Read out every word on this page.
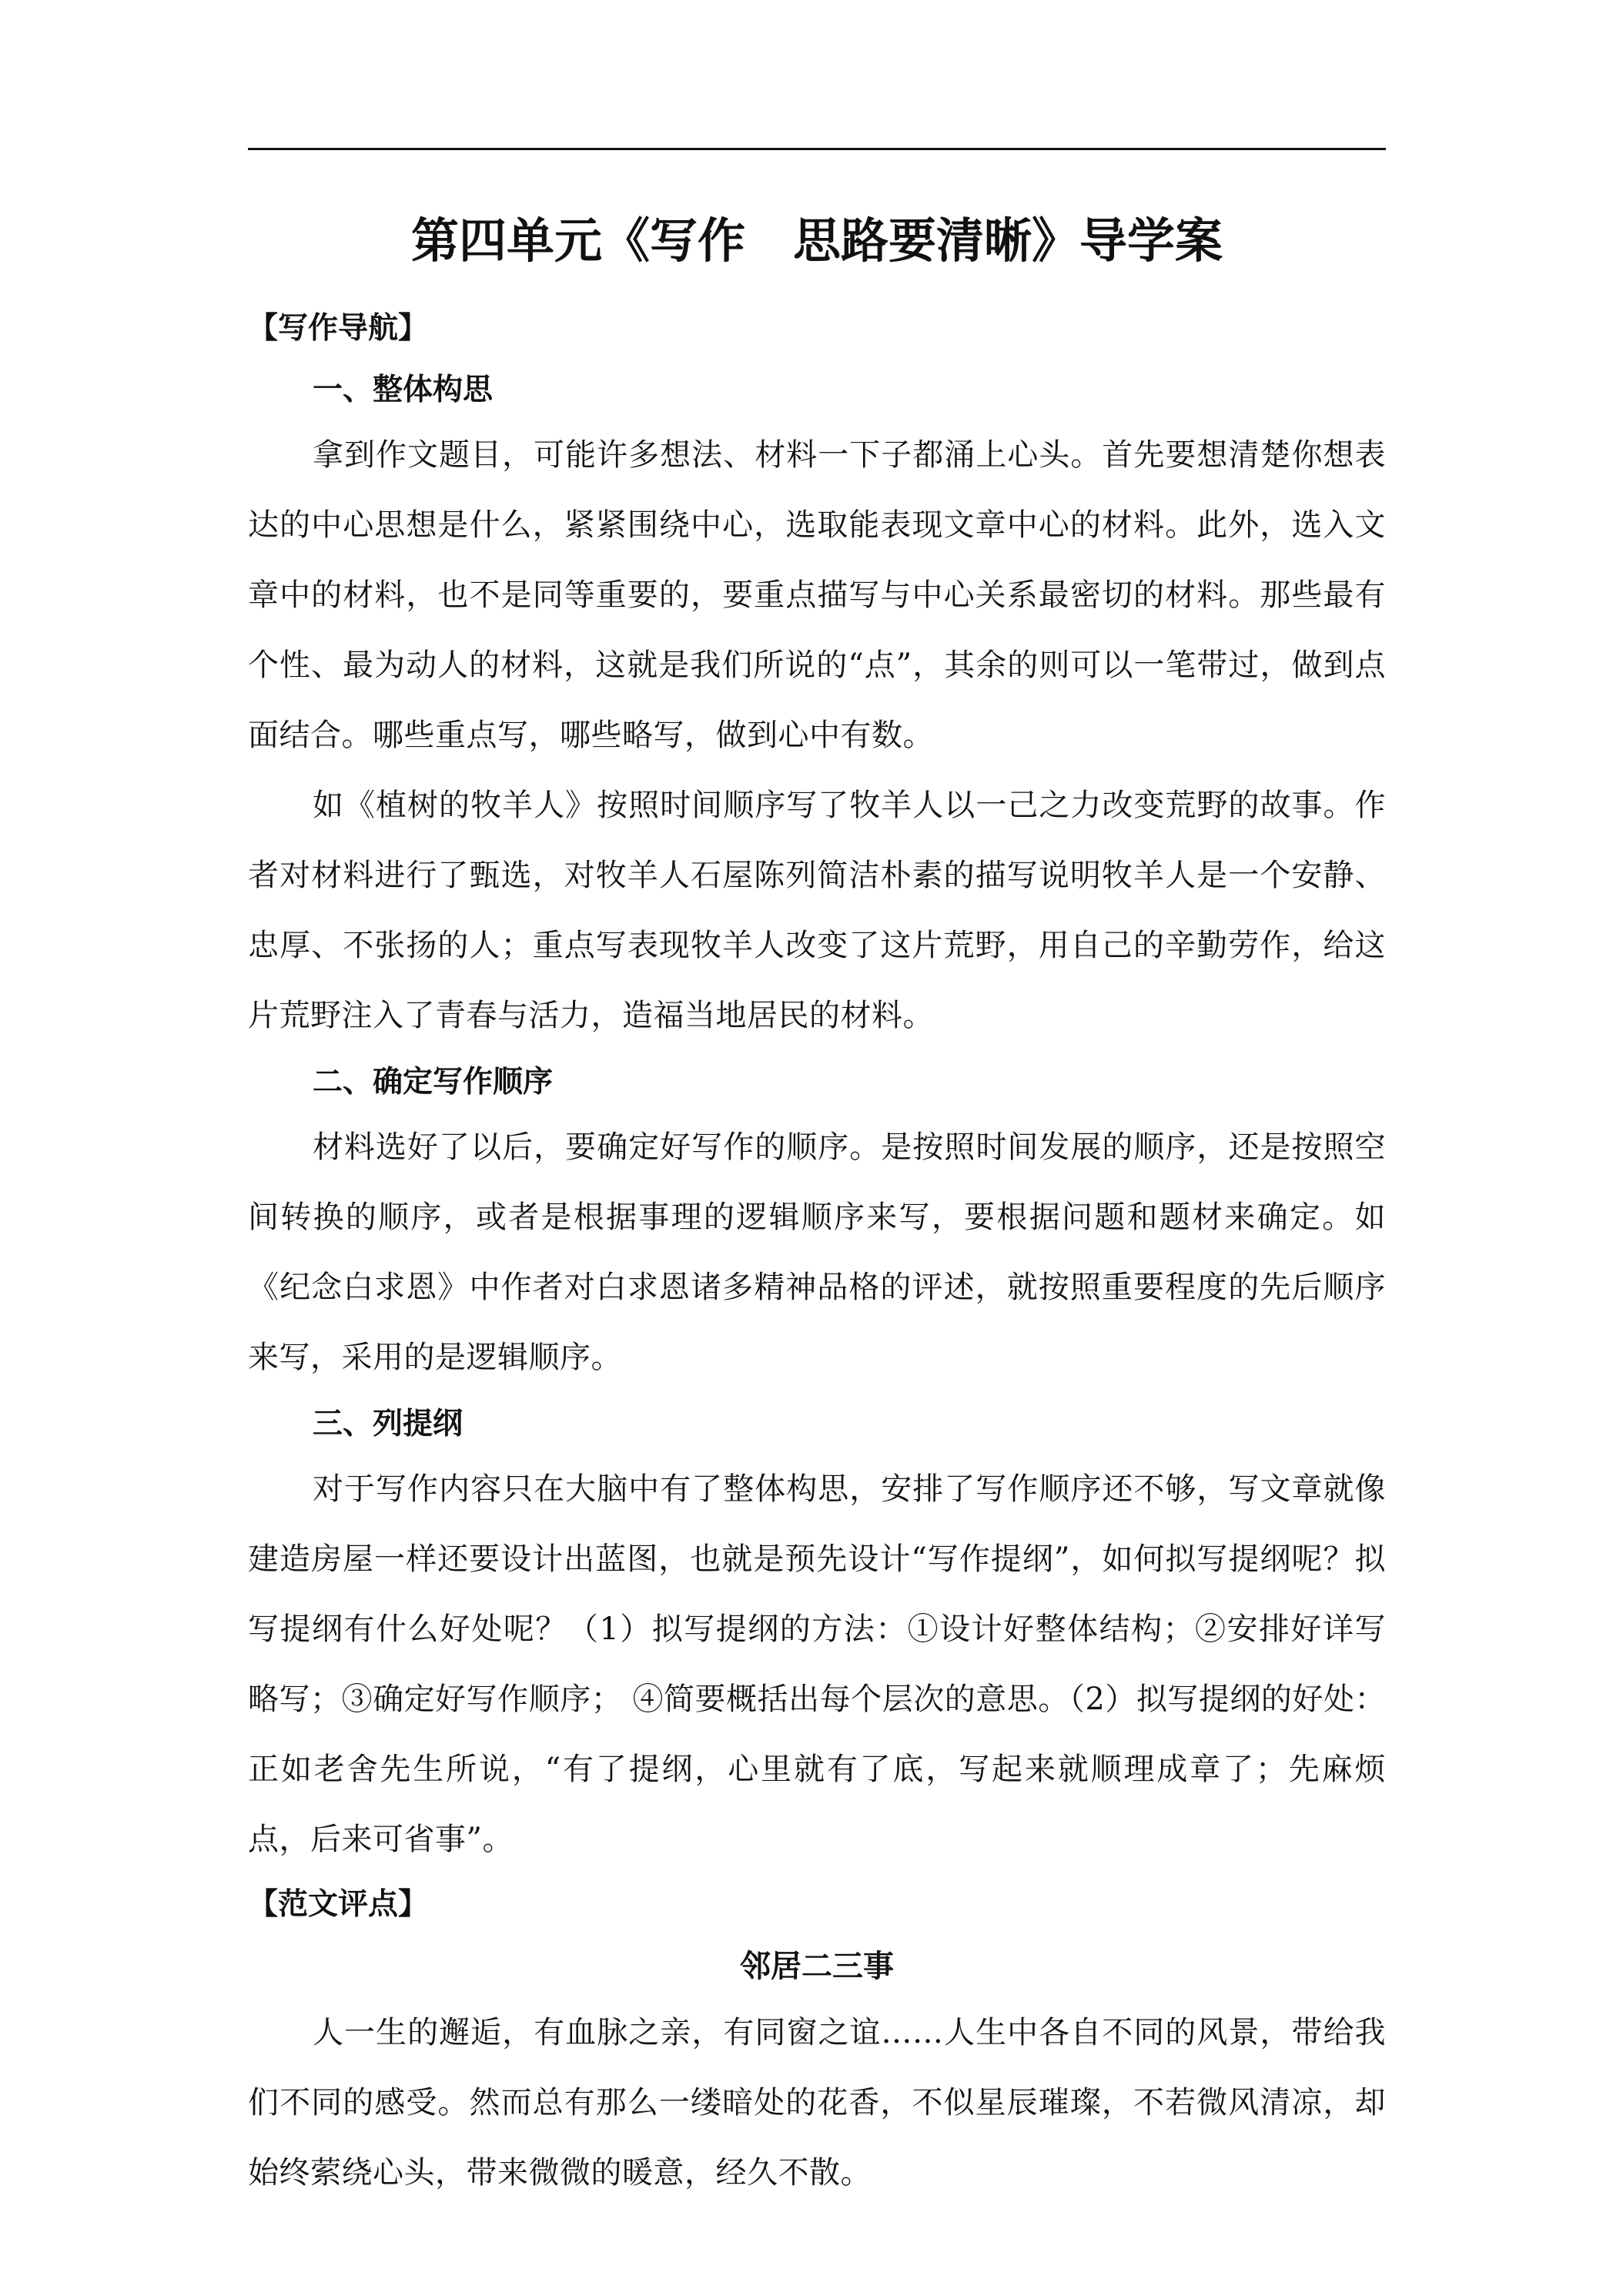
第四单元《写作　思路要清晰》导学案

【写作导航】

一、整体构思

拿到作文题目，可能许多想法、材料一下子都涌上心头。首先要想清楚你想表达的中心思想是什么，紧紧围绕中心，选取能表现文章中心的材料。此外，选入文章中的材料，也不是同等重要的，要重点描写与中心关系最密切的材料。那些最有个性、最为动人的材料，这就是我们所说的“点”，其余的则可以一笔带过，做到点面结合。哪些重点写，哪些略写，做到心中有数。

如《植树的牧羊人》按照时间顺序写了牧羊人以一己之力改变荒野的故事。作者对材料进行了甄选，对牧羊人石屋陈列简洁朴素的描写说明牧羊人是一个安静、忠厚、不张扬的人；重点写表现牧羊人改变了这片荒野，用自己的辛勤劳作，给这片荒野注入了青春与活力，造福当地居民的材料。

二、确定写作顺序

材料选好了以后，要确定好写作的顺序。是按照时间发展的顺序，还是按照空间转换的顺序，或者是根据事理的逻辑顺序来写，要根据问题和题材来确定。如《纪念白求恩》中作者对白求恩诸多精神品格的评述，就按照重要程度的先后顺序来写，采用的是逻辑顺序。

三、列提纲

对于写作内容只在大脑中有了整体构思，安排了写作顺序还不够，写文章就像建造房屋一样还要设计出蓝图，也就是预先设计“写作提纲”，如何拟写提纲呢？拟写提纲有什么好处呢？（1）拟写提纲的方法：①设计好整体结构；②安排好详写略写；③确定好写作顺序； ④简要概括出每个层次的意思。（2）拟写提纲的好处：正如老舍先生所说，“有了提纲，心里就有了底，写起来就顺理成章了；先麻烦点，后来可省事”。

【范文评点】

邻居二三事

人一生的邂逅，有血脉之亲，有同窗之谊……人生中各自不同的风景，带给我们不同的感受。然而总有那么一缕暗处的花香，不似星辰璀璨，不若微风清凉，却始终萦绕心头，带来微微的暖意，经久不散。
